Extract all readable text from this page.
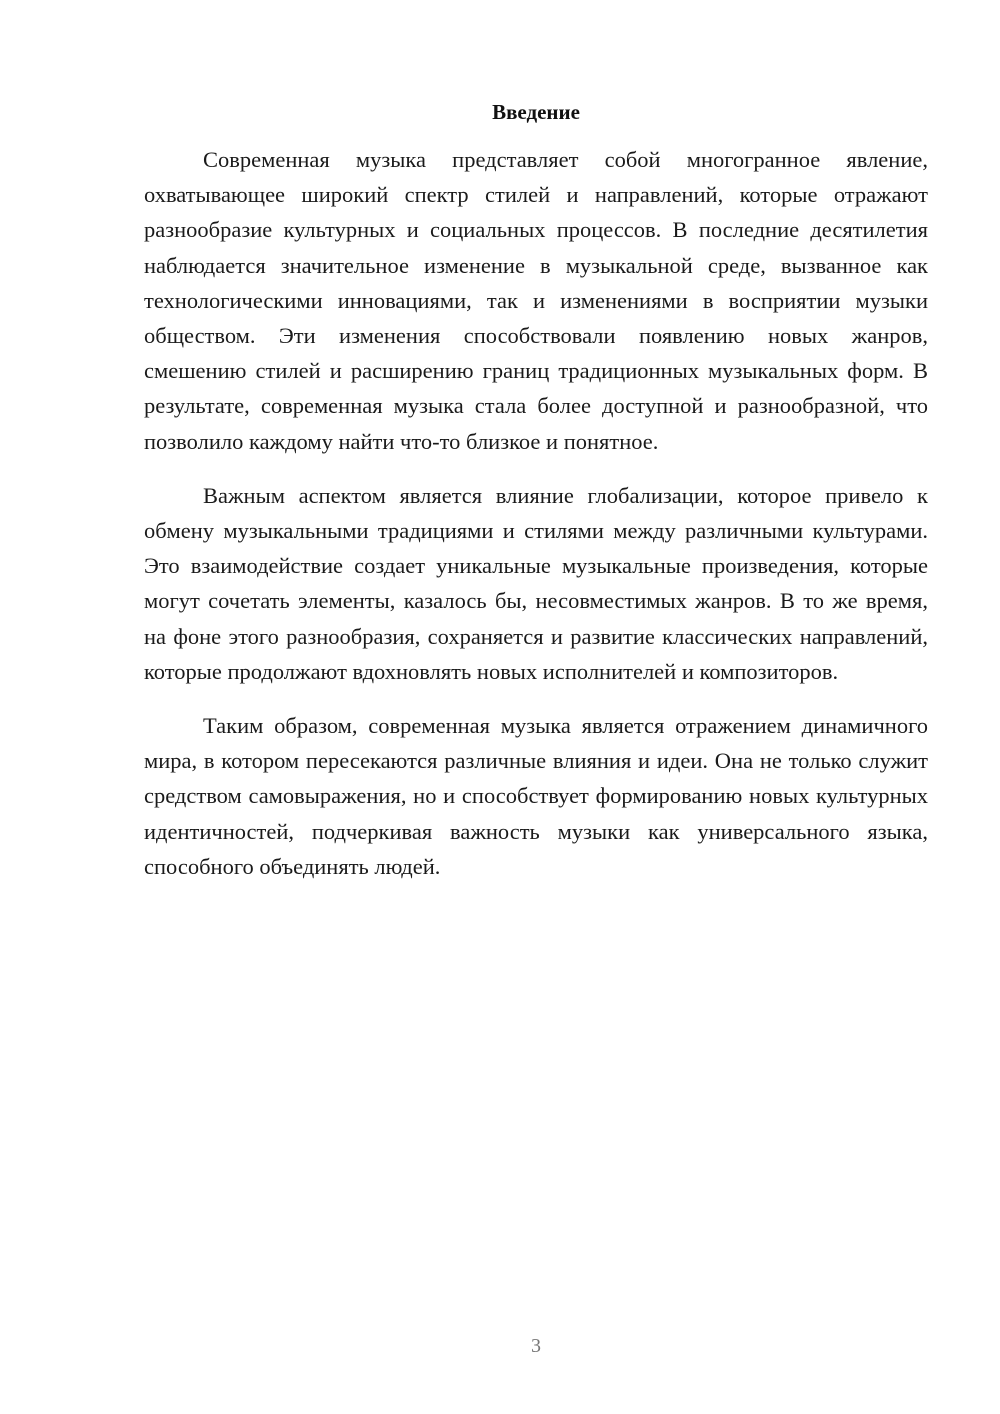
Введение

Современная музыка представляет собой многогранное явление, охватывающее широкий спектр стилей и направлений, которые отражают разнообразие культурных и социальных процессов. В последние десятилетия наблюдается значительное изменение в музыкальной среде, вызванное как технологическими инновациями, так и изменениями в восприятии музыки обществом. Эти изменения способствовали появлению новых жанров, смешению стилей и расширению границ традиционных музыкальных форм. В результате, современная музыка стала более доступной и разнообразной, что позволило каждому найти что-то близкое и понятное.

Важным аспектом является влияние глобализации, которое привело к обмену музыкальными традициями и стилями между различными культурами. Это взаимодействие создает уникальные музыкальные произведения, которые могут сочетать элементы, казалось бы, несовместимых жанров. В то же время, на фоне этого разнообразия, сохраняется и развитие классических направлений, которые продолжают вдохновлять новых исполнителей и композиторов.

Таким образом, современная музыка является отражением динамичного мира, в котором пересекаются различные влияния и идеи. Она не только служит средством самовыражения, но и способствует формированию новых культурных идентичностей, подчеркивая важность музыки как универсального языка, способного объединять людей.

3
